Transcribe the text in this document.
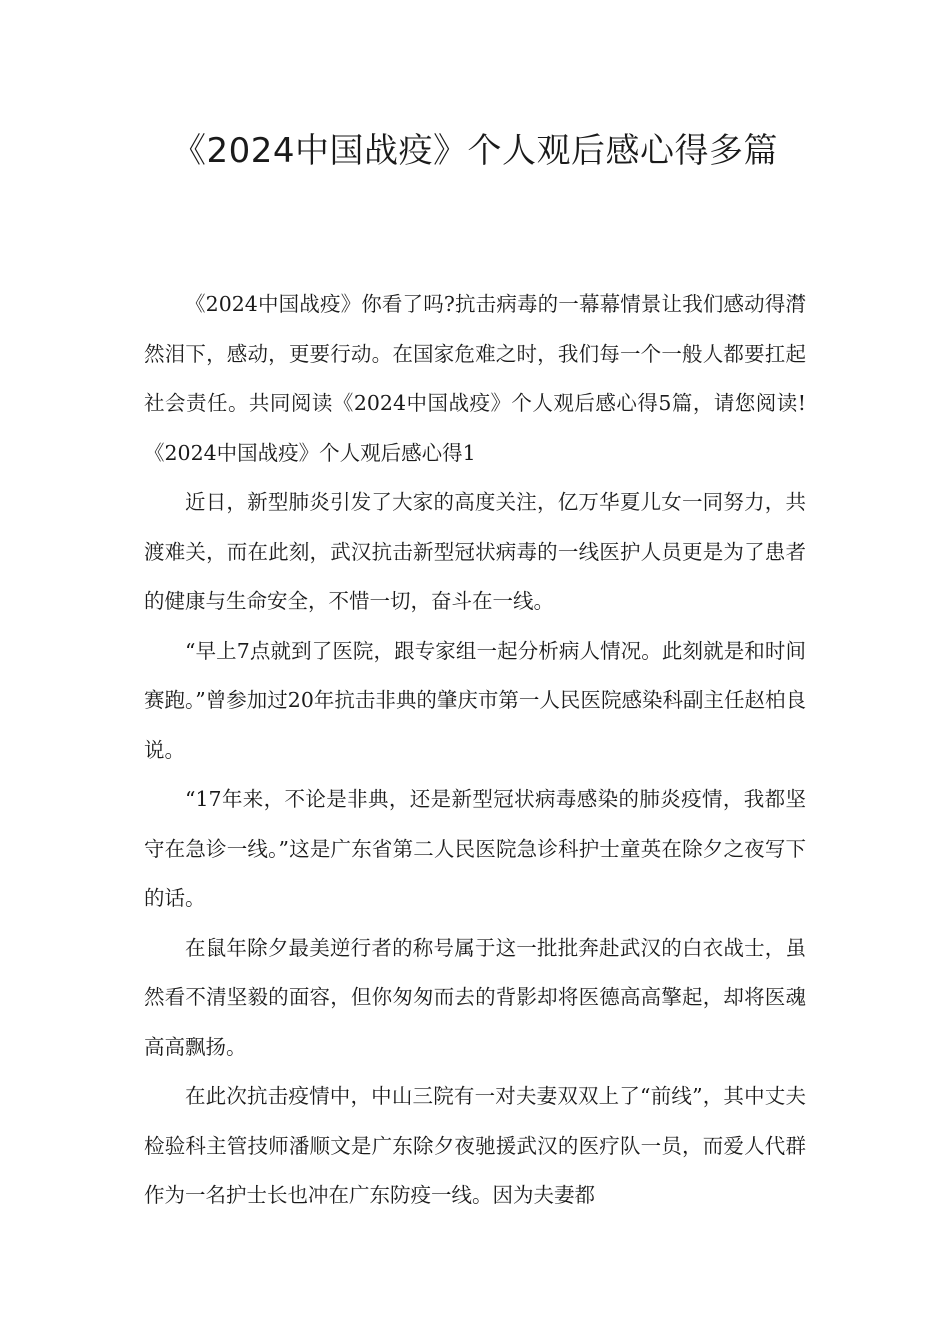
《2024中国战疫》个人观后感心得多篇

《2024中国战疫》你看了吗?抗击病毒的一幕幕情景让我们感动得潸然泪下，感动，更要行动。在国家危难之时，我们每一个一般人都要扛起社会责任。共同阅读《2024中国战疫》个人观后感心得5篇，请您阅读!《2024中国战疫》个人观后感心得1

近日，新型肺炎引发了大家的高度关注，亿万华夏儿女一同努力，共渡难关，而在此刻，武汉抗击新型冠状病毒的一线医护人员更是为了患者的健康与生命安全，不惜一切，奋斗在一线。

“早上7点就到了医院，跟专家组一起分析病人情况。此刻就是和时间赛跑。”曾参加过20年抗击非典的肇庆市第一人民医院感染科副主任赵柏良说。

“17年来，不论是非典，还是新型冠状病毒感染的肺炎疫情，我都坚守在急诊一线。”这是广东省第二人民医院急诊科护士童英在除夕之夜写下的话。

在鼠年除夕最美逆行者的称号属于这一批批奔赴武汉的白衣战士，虽然看不清坚毅的面容，但你匆匆而去的背影却将医德高高擎起，却将医魂高高飘扬。

在此次抗击疫情中，中山三院有一对夫妻双双上了“前线”，其中丈夫检验科主管技师潘顺文是广东除夕夜驰援武汉的医疗队一员，而爱人代群作为一名护士长也冲在广东防疫一线。因为夫妻都
